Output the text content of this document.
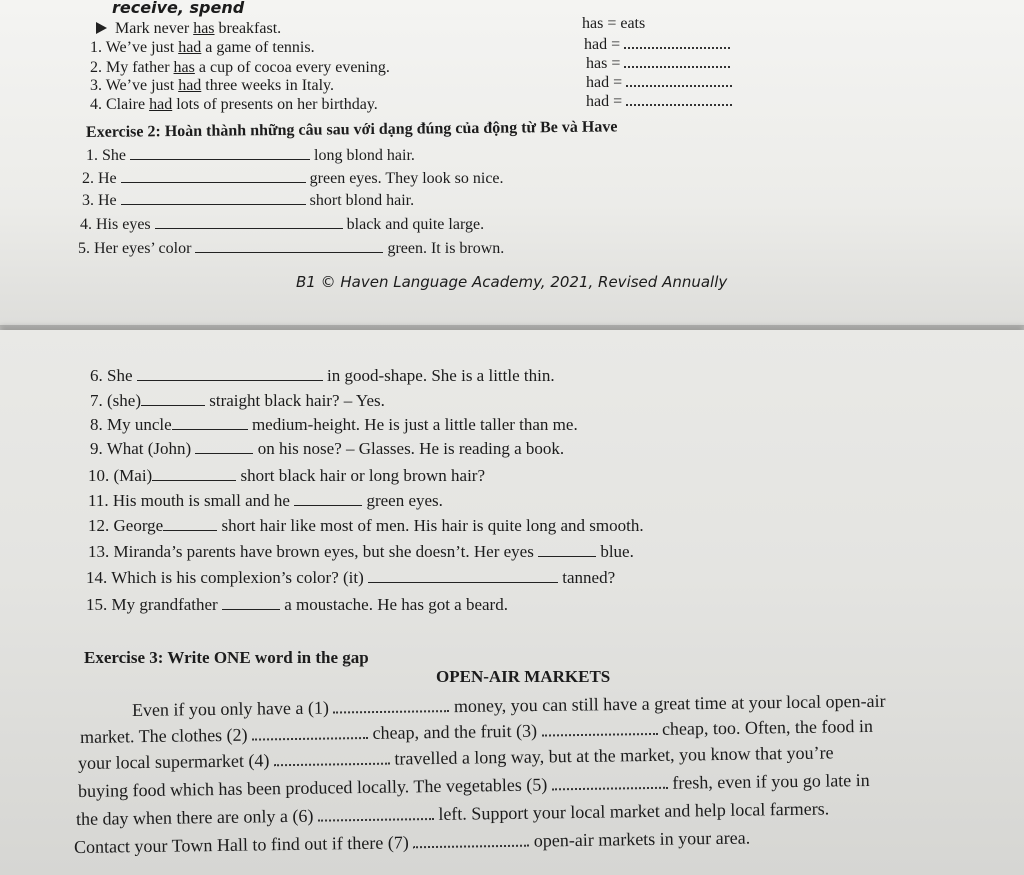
receive, spend
Mark never has breakfast.	has = eats
1. We’ve just had a game of tennis.	had =
2. My father has a cup of cocoa every evening.	has =
3. We’ve just had three weeks in Italy.	had =
4. Claire had lots of presents on her birthday.	had =
Exercise 2: Hoàn thành những câu sau với dạng đúng của động từ Be và Have
1. She	long blond hair.
2. He	green eyes. They look so nice.
3. He	short blond hair.
4. His eyes	black and quite large.
5. Her eyes’ color	green. It is brown.
B1 © Haven Language Academy, 2021, Revised Annually
6. She	in good-shape. She is a little thin.
7. (she)	straight black hair? – Yes.
8. My uncle	medium-height. He is just a little taller than me.
9. What (John)	on his nose? – Glasses. He is reading a book.
10. (Mai)	short black hair or long brown hair?
11. His mouth is small and he	green eyes.
12. George	short hair like most of men. His hair is quite long and smooth.
13. Miranda’s parents have brown eyes, but she doesn’t. Her eyes	blue.
14. Which is his complexion’s color? (it)	tanned?
15. My grandfather	a moustache. He has got a beard.
Exercise 3: Write ONE word in the gap
OPEN-AIR MARKETS
Even if you only have a (1)	money, you can still have a great time at your local open-air
market. The clothes (2)	cheap, and the fruit (3)	cheap, too. Often, the food in
your local supermarket (4)	travelled a long way, but at the market, you know that you’re
buying food which has been produced locally. The vegetables (5)	fresh, even if you go late in
the day when there are only a (6)	left. Support your local market and help local farmers.
Contact your Town Hall to find out if there (7)	open-air markets in your area.
